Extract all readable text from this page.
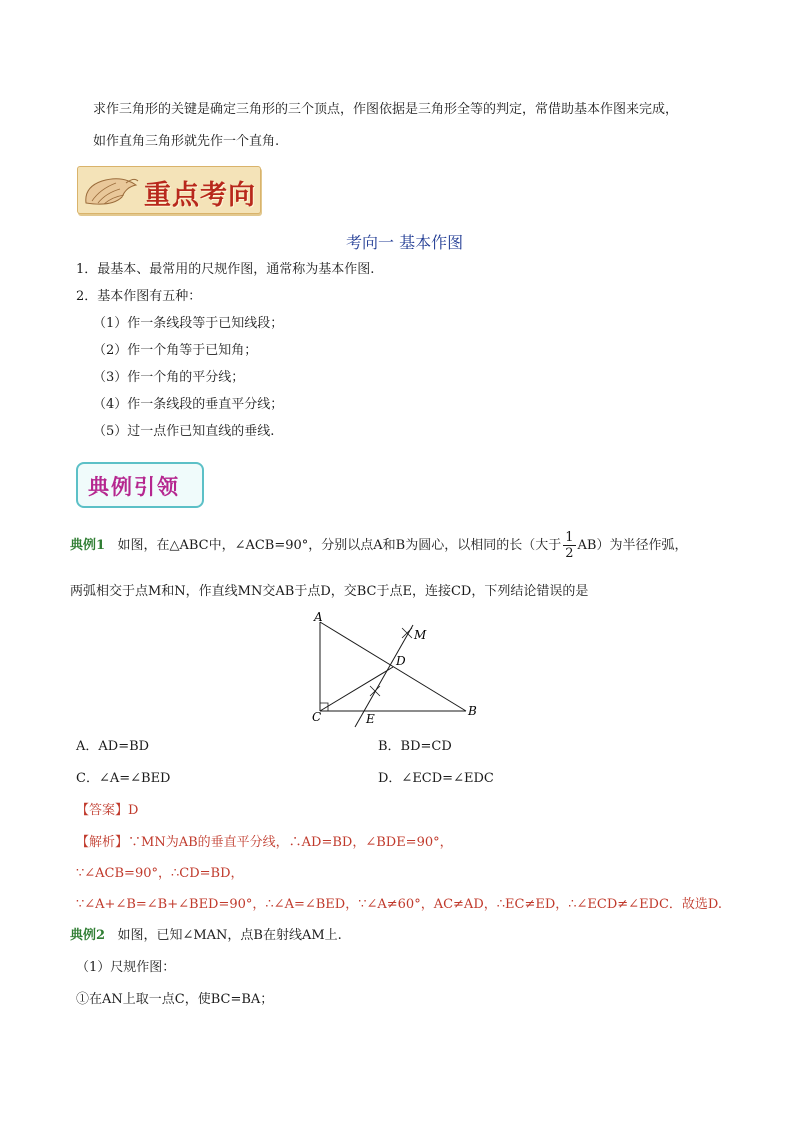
求作三角形的关键是确定三角形的三个顶点，作图依据是三角形全等的判定，常借助基本作图来完成，
如作直角三角形就先作一个直角.
重点考向
考向一 基本作图
1．最基本、最常用的尺规作图，通常称为基本作图.
2．基本作图有五种：
（1）作一条线段等于已知线段；
（2）作一个角等于已知角；
（3）作一个角的平分线；
（4）作一条线段的垂直平分线；
（5）过一点作已知直线的垂线.
典例引领
典例1 如图，在△ABC中，∠ACB=90°，分别以点A和B为圆心，以相同的长（大于 $\frac{1}{2} AB$）为半径作弧，
两弧相交于点M和N，作直线MN交AB于点D，交BC于点E，连接CD，下列结论错误的是
A
B
C
D
E
M
A．AD=BD	B．BD=CD
C．∠A=∠BED	D．∠ECD=∠EDC
【答案】D
【解析】∵MN为AB的垂直平分线，∴AD=BD，∠BDE=90°，
∵∠ACB=90°，∴CD=BD，
∵∠A+∠B=∠B+∠BED=90°，∴∠A=∠BED，∵∠A≠60°，AC≠AD，∴EC≠ED，∴∠ECD≠∠EDC．故选D.
典例2 如图，已知∠MAN，点B在射线AM上.
（1）尺规作图：
①在AN上取一点C，使BC=BA；
